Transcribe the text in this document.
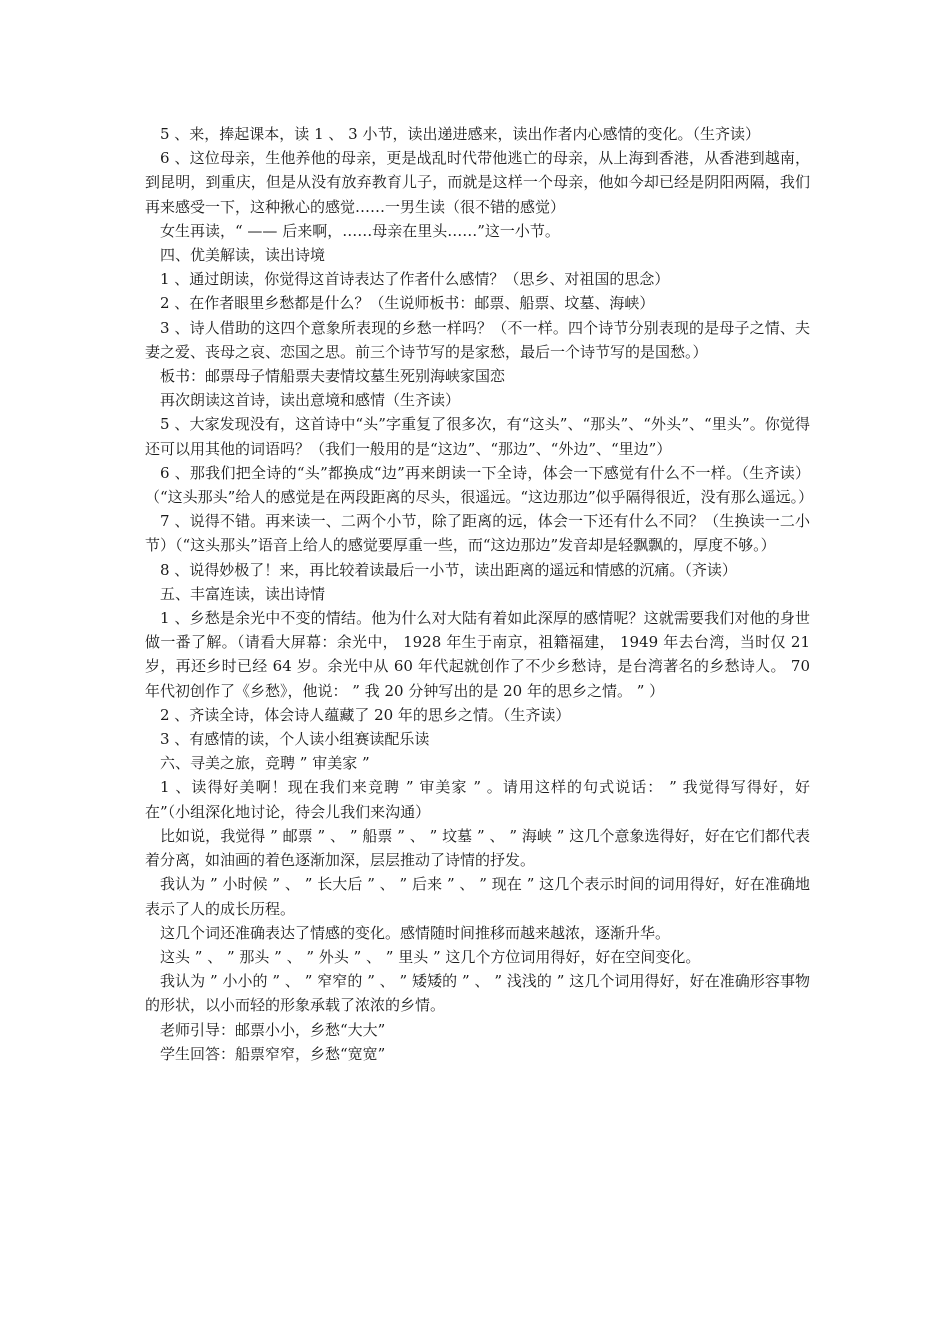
5 、来，捧起课本，读 1 、 3 小节，读出递进感来，读出作者内心感情的变化。（生齐读）

6 、这位母亲，生他养他的母亲，更是战乱时代带他逃亡的母亲，从上海到香港，从香港到越南，到昆明，到重庆，但是从没有放弃教育儿子，而就是这样一个母亲，他如今却已经是阴阳两隔，我们再来感受一下，这种揪心的感觉……一男生读（很不错的感觉）

女生再读，“ —— 后来啊，……母亲在里头……”这一小节。

四、优美解读，读出诗境

1 、通过朗读，你觉得这首诗表达了作者什么感情？（思乡、对祖国的思念）

2 、在作者眼里乡愁都是什么？（生说师板书：邮票、船票、坟墓、海峡）

3 、诗人借助的这四个意象所表现的乡愁一样吗？（不一样。四个诗节分别表现的是母子之情、夫妻之爱、丧母之哀、恋国之思。前三个诗节写的是家愁，最后一个诗节写的是国愁。）

板书：邮票母子情船票夫妻情坟墓生死别海峡家国恋

再次朗读这首诗，读出意境和感情（生齐读）

5 、大家发现没有，这首诗中“头”字重复了很多次，有“这头”、“那头”、“外头”、“里头”。你觉得还可以用其他的词语吗？（我们一般用的是“这边”、“那边”、“外边”、“里边”）

6 、那我们把全诗的“头”都换成“边”再来朗读一下全诗，体会一下感觉有什么不一样。（生齐读）（“这头那头”给人的感觉是在两段距离的尽头，很遥远。“这边那边”似乎隔得很近，没有那么遥远。）

7 、说得不错。再来读一、二两个小节，除了距离的远，体会一下还有什么不同？（生换读一二小节）（“这头那头”语音上给人的感觉要厚重一些，而“这边那边”发音却是轻飘飘的，厚度不够。）

8 、说得妙极了！来，再比较着读最后一小节，读出距离的遥远和情感的沉痛。（齐读）

五、丰富连读，读出诗情

1 、乡愁是余光中不变的情结。他为什么对大陆有着如此深厚的感情呢？这就需要我们对他的身世做一番了解。（请看大屏幕：余光中， 1928 年生于南京，祖籍福建， 1949 年去台湾，当时仅 21 岁，再还乡时已经 64 岁。余光中从 60 年代起就创作了不少乡愁诗，是台湾著名的乡愁诗人。 70 年代初创作了《乡愁》，他说： ” 我 20 分钟写出的是 20 年的思乡之情。 ” ）

2 、齐读全诗，体会诗人蕴藏了 20 年的思乡之情。（生齐读）

3 、有感情的读，个人读小组赛读配乐读

六、寻美之旅，竞聘 ” 审美家 ”

1 、读得好美啊！现在我们来竞聘 ” 审美家 ” 。请用这样的句式说话： ” 我觉得写得好，好在”（小组深化地讨论，待会儿我们来沟通）

比如说，我觉得 ” 邮票 ” 、 ” 船票 ” 、 ” 坟墓 ” 、 ” 海峡 ” 这几个意象选得好，好在它们都代表着分离，如油画的着色逐渐加深，层层推动了诗情的抒发。

我认为 ” 小时候 ” 、 ” 长大后 ” 、 ” 后来 ” 、 ” 现在 ” 这几个表示时间的词用得好，好在准确地表示了人的成长历程。

这几个词还准确表达了情感的变化。感情随时间推移而越来越浓，逐渐升华。

这头 ” 、 ” 那头 ” 、 ” 外头 ” 、 ” 里头 ” 这几个方位词用得好，好在空间变化。

我认为 ” 小小的 ” 、 ” 窄窄的 ” 、 ” 矮矮的 ” 、 ” 浅浅的 ” 这几个词用得好，好在准确形容事物的形状，以小而轻的形象承载了浓浓的乡情。

老师引导：邮票小小，乡愁“大大”

学生回答：船票窄窄，乡愁“宽宽”
